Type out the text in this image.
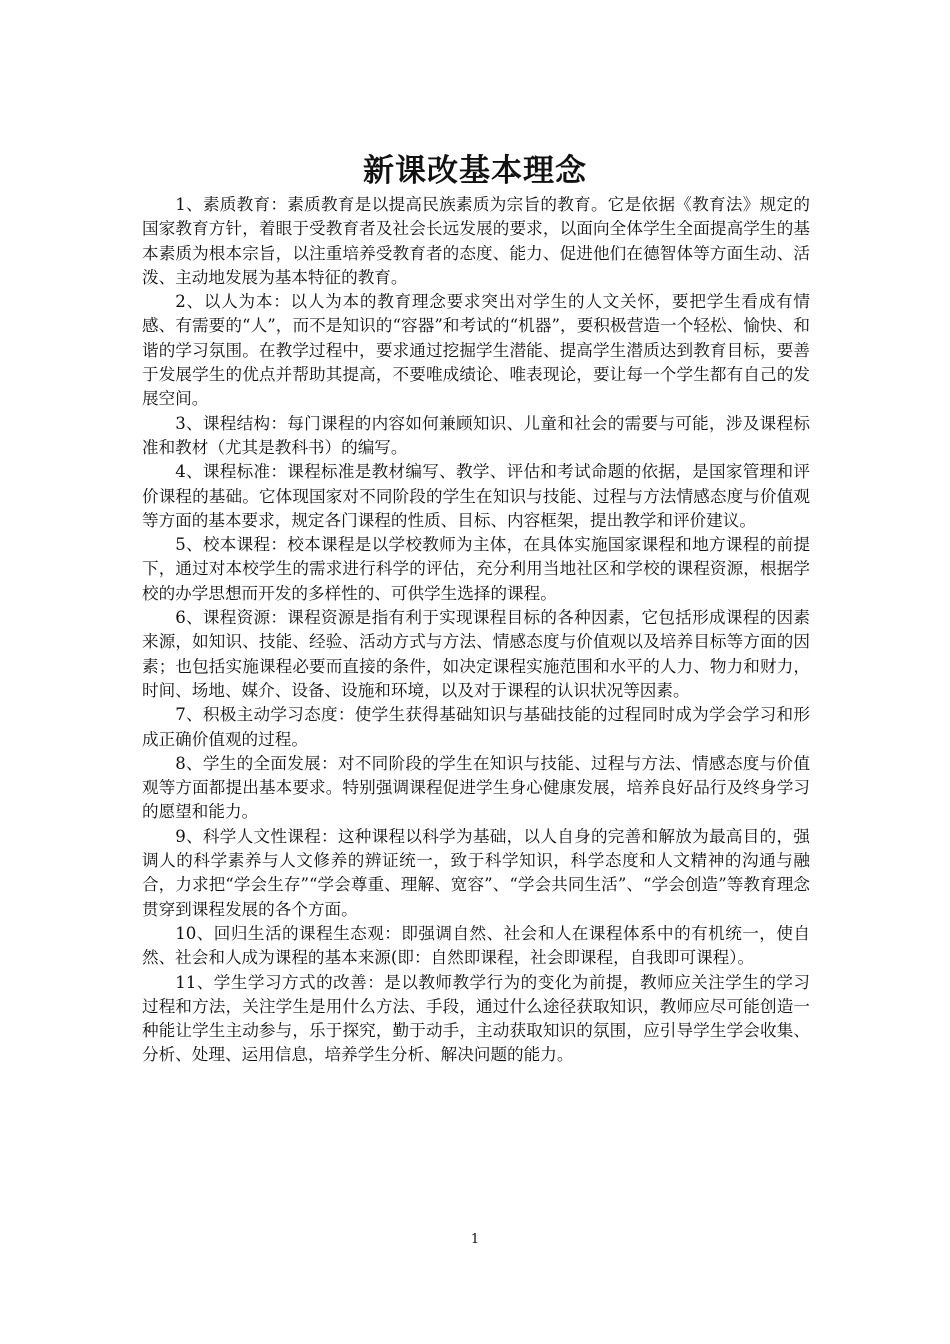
新课改基本理念

1、素质教育：素质教育是以提高民族素质为宗旨的教育。它是依据《教育法》规定的国家教育方针，着眼于受教育者及社会长远发展的要求，以面向全体学生全面提高学生的基本素质为根本宗旨，以注重培养受教育者的态度、能力、促进他们在德智体等方面生动、活泼、主动地发展为基本特征的教育。

2、以人为本：以人为本的教育理念要求突出对学生的人文关怀，要把学生看成有情感、有需要的“人”，而不是知识的“容器”和考试的“机器”，要积极营造一个轻松、愉快、和谐的学习氛围。在教学过程中，要求通过挖掘学生潜能、提高学生潜质达到教育目标，要善于发展学生的优点并帮助其提高，不要唯成绩论、唯表现论，要让每一个学生都有自己的发展空间。

3、课程结构：每门课程的内容如何兼顾知识、儿童和社会的需要与可能，涉及课程标准和教材（尤其是教科书）的编写。

4、课程标准：课程标准是教材编写、教学、评估和考试命题的依据，是国家管理和评价课程的基础。它体现国家对不同阶段的学生在知识与技能、过程与方法情感态度与价值观等方面的基本要求，规定各门课程的性质、目标、内容框架，提出教学和评价建议。

5、校本课程：校本课程是以学校教师为主体，在具体实施国家课程和地方课程的前提下，通过对本校学生的需求进行科学的评估，充分利用当地社区和学校的课程资源，根据学校的办学思想而开发的多样性的、可供学生选择的课程。

6、课程资源：课程资源是指有利于实现课程目标的各种因素，它包括形成课程的因素来源，如知识、技能、经验、活动方式与方法、情感态度与价值观以及培养目标等方面的因素；也包括实施课程必要而直接的条件，如决定课程实施范围和水平的人力、物力和财力，时间、场地、媒介、设备、设施和环境，以及对于课程的认识状况等因素。

7、积极主动学习态度：使学生获得基础知识与基础技能的过程同时成为学会学习和形成正确价值观的过程。

8、学生的全面发展：对不同阶段的学生在知识与技能、过程与方法、情感态度与价值观等方面都提出基本要求。特别强调课程促进学生身心健康发展，培养良好品行及终身学习的愿望和能力。

9、科学人文性课程：这种课程以科学为基础，以人自身的完善和解放为最高目的，强调人的科学素养与人文修养的辨证统一，致于科学知识，科学态度和人文精神的沟通与融合，力求把“学会生存”“学会尊重、理解、宽容”、“学会共同生活”、“学会创造”等教育理念贯穿到课程发展的各个方面。

10、回归生活的课程生态观：即强调自然、社会和人在课程体系中的有机统一，使自然、社会和人成为课程的基本来源(即：自然即课程，社会即课程，自我即可课程）。

11、学生学习方式的改善：是以教师教学行为的变化为前提，教师应关注学生的学习过程和方法，关注学生是用什么方法、手段，通过什么途径获取知识，教师应尽可能创造一种能让学生主动参与，乐于探究，勤于动手，主动获取知识的氛围，应引导学生学会收集、分析、处理、运用信息，培养学生分析、解决问题的能力。

1
